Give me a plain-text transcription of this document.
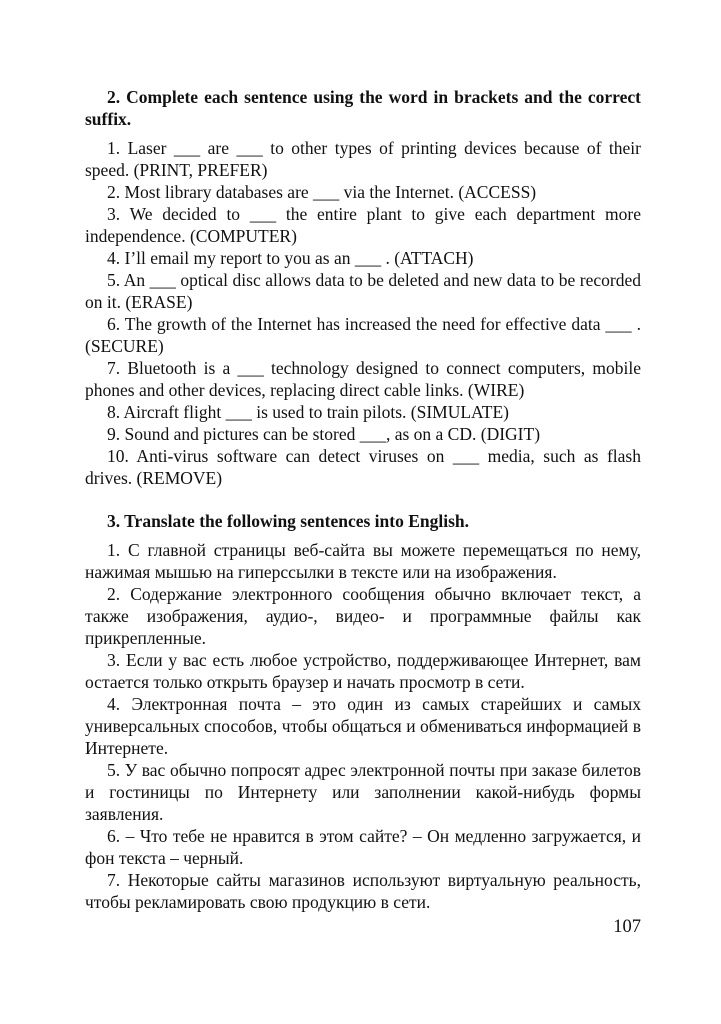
2. Complete each sentence using the word in brackets and the correct suffix.

1. Laser ___ are ___ to other types of printing devices because of their speed. (PRINT, PREFER)

2. Most library databases are ___ via the Internet. (ACCESS)

3. We decided to ___ the entire plant to give each department more independence. (COMPUTER)

4. I’ll email my report to you as an ___ . (ATTACH)

5. An ___ optical disc allows data to be deleted and new data to be recorded on it. (ERASE)

6. The growth of the Internet has increased the need for effective data ___ . (SECURE)

7. Bluetooth is a ___ technology designed to connect computers, mobile phones and other devices, replacing direct cable links. (WIRE)

8. Aircraft flight ___ is used to train pilots. (SIMULATE)

9. Sound and pictures can be stored ___, as on a CD. (DIGIT)

10. Anti-virus software can detect viruses on ___ media, such as flash drives. (REMOVE)

3. Translate the following sentences into English.

1. С главной страницы веб-сайта вы можете перемещаться по нему, нажимая мышью на гиперссылки в тексте или на изображения.

2. Содержание электронного сообщения обычно включает текст, а также изображения, аудио-, видео- и программные файлы как прикрепленные.

3. Если у вас есть любое устройство, поддерживающее Интернет, вам остается только открыть браузер и начать просмотр в сети.

4. Электронная почта – это один из самых старейших и самых универсальных способов, чтобы общаться и обмениваться информацией в Интернете.

5. У вас обычно попросят адрес электронной почты при заказе билетов и гостиницы по Интернету или заполнении какой-нибудь формы заявления.

6. – Что тебе не нравится в этом сайте? – Он медленно загружается, и фон текста – черный.

7. Некоторые сайты магазинов используют виртуальную реальность, чтобы рекламировать свою продукцию в сети.

107
